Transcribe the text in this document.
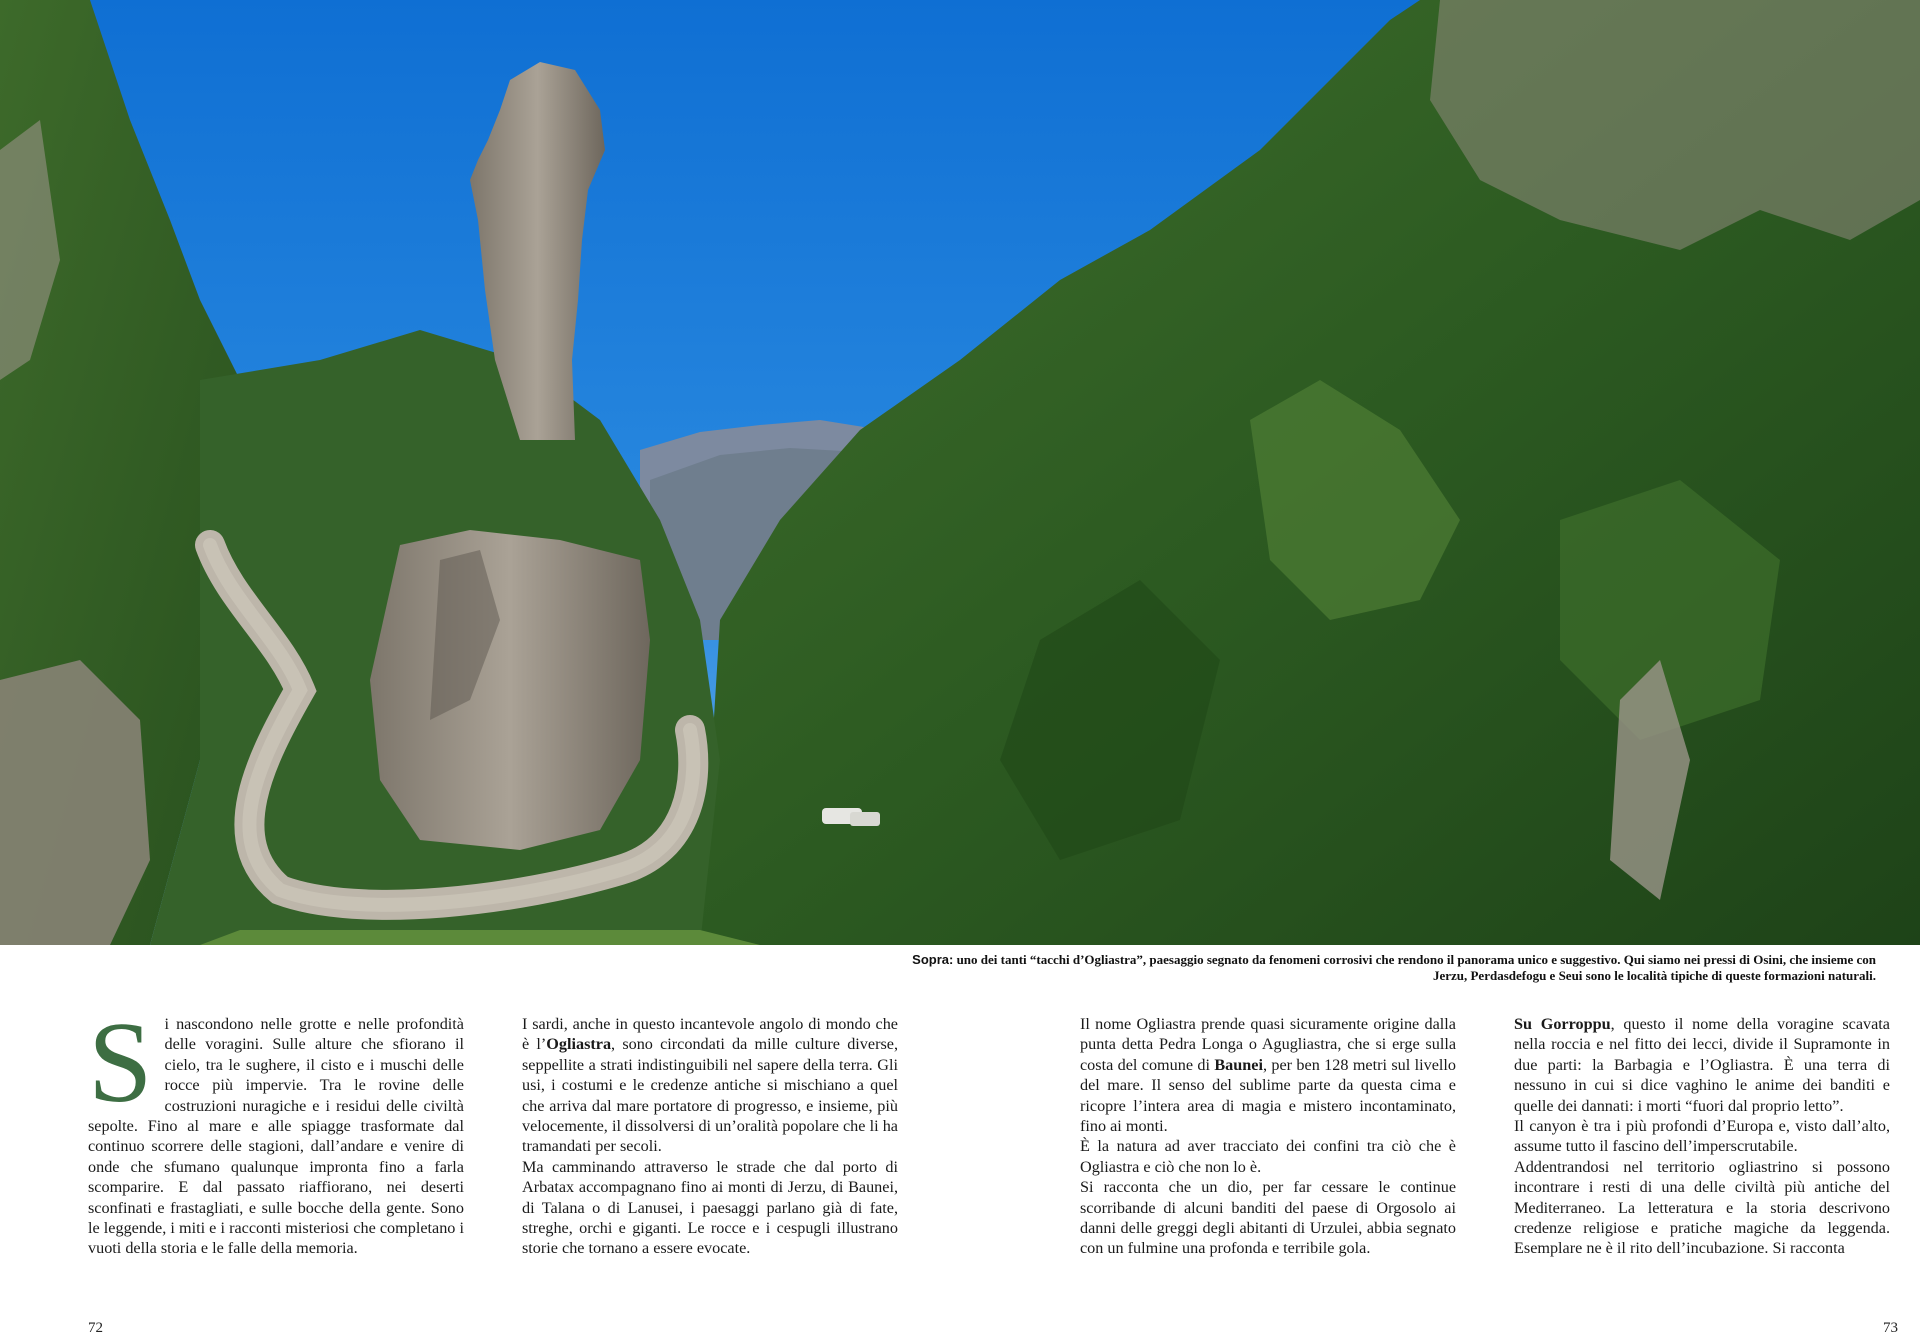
Sopra: uno dei tanti “tacchi d’Ogliastra”, paesaggio segnato da fenomeni corrosivi che rendono il panorama unico e suggestivo. Qui siamo nei pressi di Osini, che insieme con Jerzu, Perdasdefogu e Seui sono le località tipiche di queste formazioni naturali.
S i nascondono nelle grotte e nelle profondità delle voragini. Sulle alture che sfiorano il cielo, tra le sughere, il cisto e i muschi delle rocce più impervie. Tra le rovine delle costruzioni nuragiche e i residui delle civiltà sepolte. Fino al mare e alle spiagge trasformate dal continuo scorrere delle stagioni, dall’andare e venire di onde che sfumano qualunque impronta fino a farla scomparire. E dal passato riaffiorano, nei deserti sconfinati e frastagliati, e sulle bocche della gente. Sono le leggende, i miti e i racconti misteriosi che completano i vuoti della storia e le falle della memoria.

I sardi, anche in questo incantevole angolo di mondo che è l’Ogliastra, sono circondati da mille culture diverse, seppellite a strati indistinguibili nel sapere della terra. Gli usi, i costumi e le credenze antiche si mischiano a quel che arriva dal mare portatore di progresso, e insieme, più velocemente, il dissolversi di un’oralità popolare che li ha tramandati per secoli.

Ma camminando attraverso le strade che dal porto di Arbatax accompagnano fino ai monti di Jerzu, di Baunei, di Talana o di Lanusei, i paesaggi parlano già di fate, streghe, orchi e giganti. Le rocce e i cespugli illustrano storie che tornano a essere evocate.

Il nome Ogliastra prende quasi sicuramente origine dalla punta detta Pedra Longa o Agugliastra, che si erge sulla costa del comune di Baunei, per ben 128 metri sul livello del mare. Il senso del sublime parte da questa cima e ricopre l’intera area di magia e mistero incontaminato, fino ai monti.

È la natura ad aver tracciato dei confini tra ciò che è Ogliastra e ciò che non lo è.

Si racconta che un dio, per far cessare le continue scorribande di alcuni banditi del paese di Orgosolo ai danni delle greggi degli abitanti di Urzulei, abbia segnato con un fulmine una profonda e terribile gola.

Su Gorroppu, questo il nome della voragine scavata nella roccia e nel fitto dei lecci, divide il Supramonte in due parti: la Barbagia e l’Ogliastra. È una terra di nessuno in cui si dice vaghino le anime dei banditi e quelle dei dannati: i morti “fuori dal proprio letto”.

Il canyon è tra i più profondi d’Europa e, visto dall’alto, assume tutto il fascino dell’imperscrutabile.

Addentrandosi nel territorio ogliastrino si possono incontrare i resti di una delle civiltà più antiche del Mediterraneo. La letteratura e la storia descrivono credenze religiose e pratiche magiche da leggenda. Esemplare ne è il rito dell’incubazione. Si racconta

72	73
